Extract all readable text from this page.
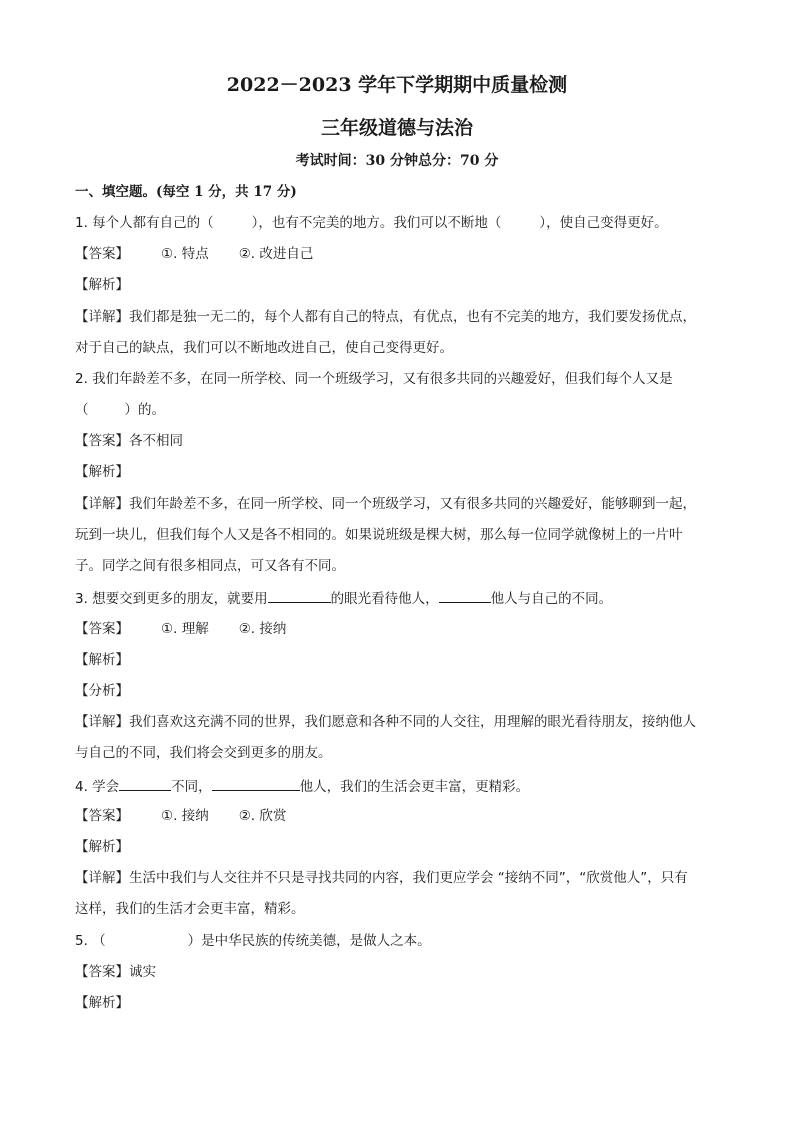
2022－2023 学年下学期期中质量检测
三年级道德与法治
考试时间：30 分钟总分：70 分
一、填空题。(每空 1 分，共 17 分)
1. 每个人都有自己的（	），也有不完美的地方。我们可以不断地（	），使自己变得更好。
【答案】 ①. 特点 ②. 改进自己
【解析】
【详解】我们都是独一无二的，每个人都有自己的特点，有优点，也有不完美的地方，我们要发扬优点，
对于自己的缺点，我们可以不断地改进自己，使自己变得更好。
2. 我们年龄差不多，在同一所学校、同一个班级学习，又有很多共同的兴趣爱好，但我们每个人又是
（	）的。
【答案】各不相同
【解析】
【详解】我们年龄差不多，在同一所学校、同一个班级学习，又有很多共同的兴趣爱好，能够聊到一起，
玩到一块儿，但我们每个人又是各不相同的。如果说班级是棵大树，那么每一位同学就像树上的一片叶
子。同学之间有很多相同点，可又各有不同。
3. 想要交到更多的朋友，就要用	的眼光看待他人，	他人与自己的不同。
【答案】 ①. 理解 ②. 接纳
【解析】
【分析】
【详解】我们喜欢这充满不同的世界，我们愿意和各种不同的人交往，用理解的眼光看待朋友，接纳他人
与自己的不同，我们将会交到更多的朋友。
4. 学会	不同，	他人，我们的生活会更丰富，更精彩。
【答案】 ①. 接纳 ②. 欣赏
【解析】
【详解】生活中我们与人交往并不只是寻找共同的内容，我们更应学会 “接纳不同”，“欣赏他人”，只有
这样，我们的生活才会更丰富，精彩。
5. （	）是中华民族的传统美德，是做人之本。
【答案】诚实
【解析】
